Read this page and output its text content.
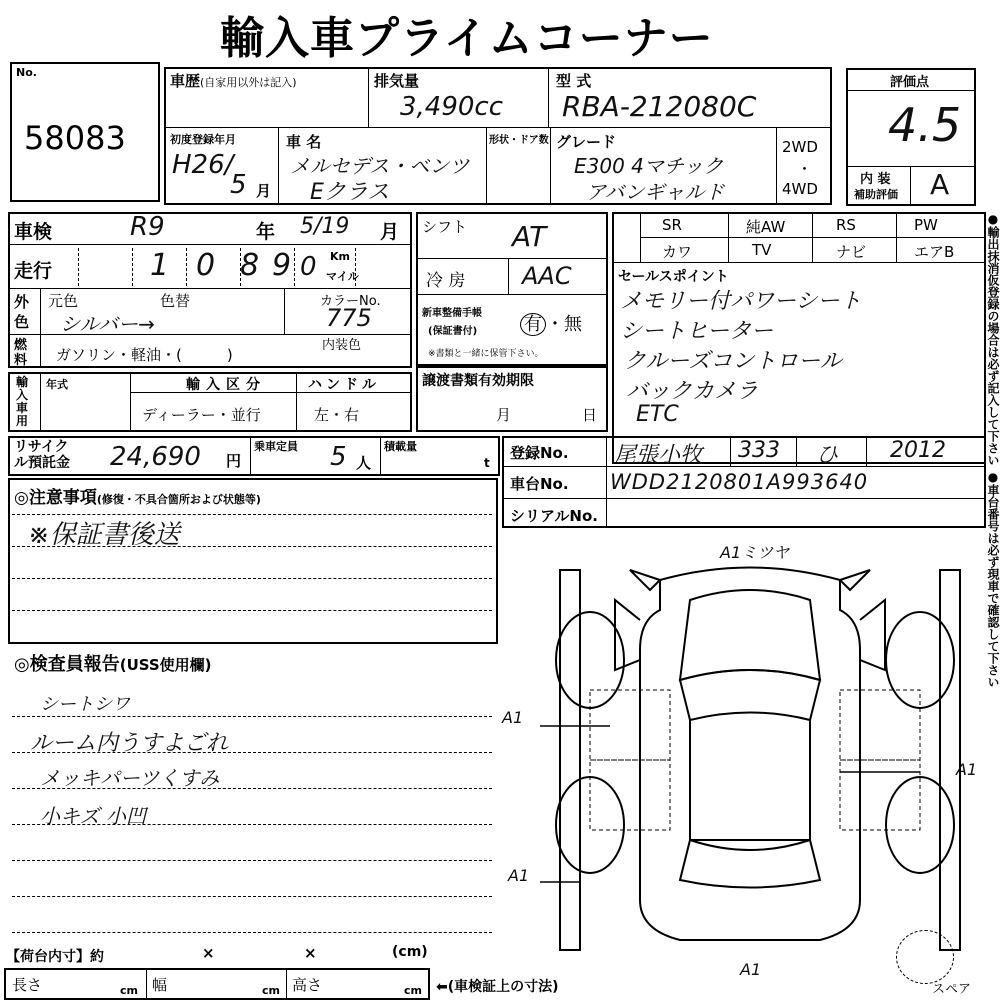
輸入車プライムコーナー
No.
58083
車歴(自家用以外は記入)	排気量
3,490cc
型 式
RBA-212080C
初度登録年月
H26/
5 月
車 名
メルセデス・ベンツ
Eクラス
形状・ドア数 グレード
E300 4マチック
アバンギャルド
2WD
・
4WD
評価点
4.5
内 装
補助評価 A
車検	R9	年 5/19 月
走行	1 0 8 9 0 Km
マイル
外色
元色	色替
シルバー→
カラーNo.
775
内装色
燃料	ガソリン・軽油・(　　　)
シフト AT
冷 房 AAC
新車整備手帳
(保証書付)	有 ・無
※書類と一緒に保管下さい。
SR	純AW	RS	PW
カワ	TV	ナビ	エアB
セールスポイント
メモリー付パワーシート
シートヒーター
クルーズコントロール
バックカメラ
ETC
輸入車用
年式	輸入区分
ディーラー・並行
ハンドル
左・右
譲渡書類有効期限
月	日
リサイクル預託金 24,690 円
乗車定員 5 人
積載量
t
登録No. 尾張小牧 333 ひ 2012
車台No. WDD2120801A993640
シリアルNo.
◎注意事項(修復・不具合箇所および状態等)
※保証書後送
◎検査員報告(USS使用欄)
シートシワ
ルーム内うすよごれ
メッキパーツくすみ
小キズ 小凹
A1ミツヤ
A1
A1
A1
A1
スペア
【荷台内寸】約	×	×	(cm)
長さ	cm 幅	cm 高さ	cm ⬅(車検証上の寸法)
●輸出抹消仮登録の場合は必ず記入して下さい ●車台番号は必ず現車で確認して下さい
